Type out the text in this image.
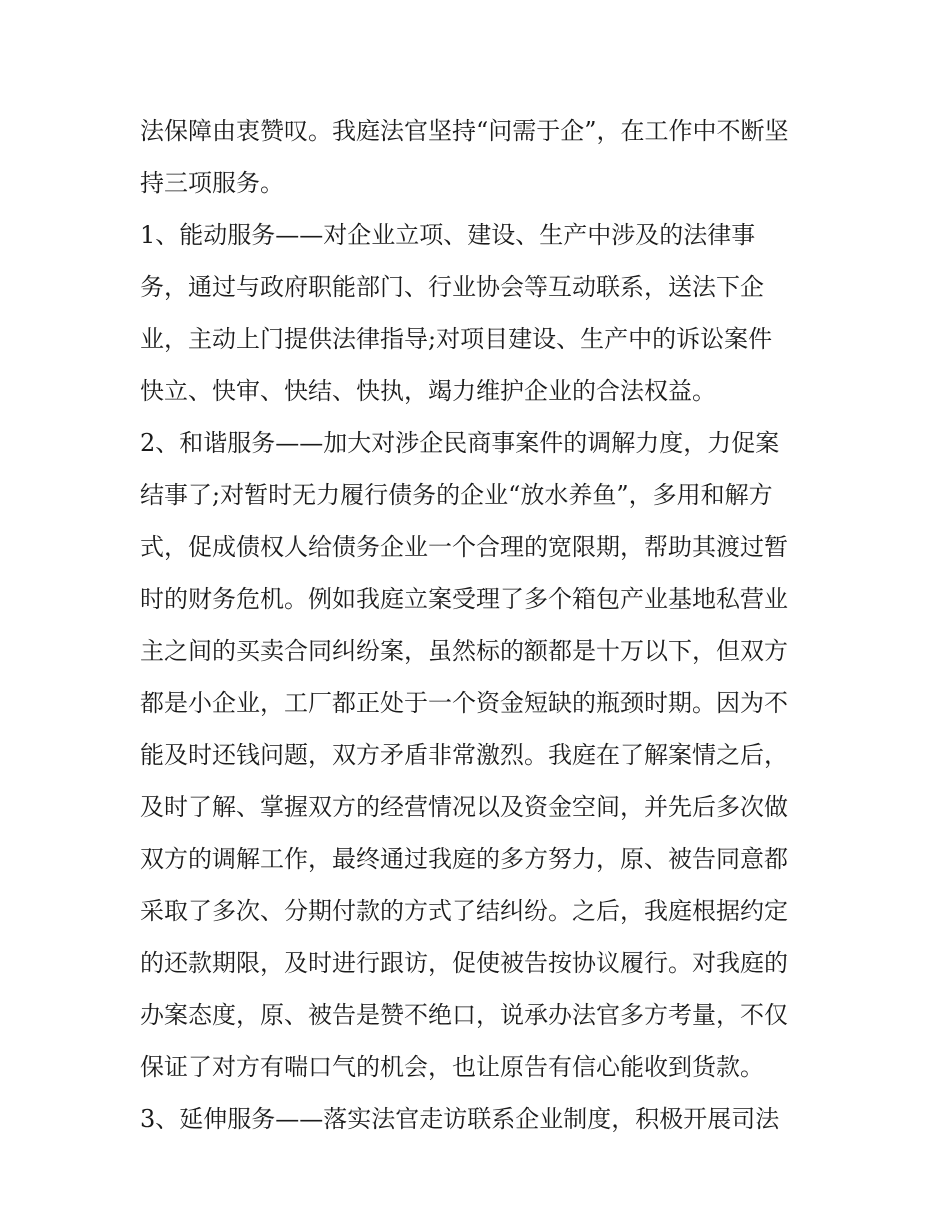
法保障由衷赞叹。我庭法官坚持“问需于企”，在工作中不断坚
持三项服务。
1、能动服务——对企业立项、建设、生产中涉及的法律事
务，通过与政府职能部门、行业协会等互动联系，送法下企
业，主动上门提供法律指导;对项目建设、生产中的诉讼案件
快立、快审、快结、快执，竭力维护企业的合法权益。
2、和谐服务——加大对涉企民商事案件的调解力度，力促案
结事了;对暂时无力履行债务的企业“放水养鱼”，多用和解方
式，促成债权人给债务企业一个合理的宽限期，帮助其渡过暂
时的财务危机。例如我庭立案受理了多个箱包产业基地私营业
主之间的买卖合同纠纷案，虽然标的额都是十万以下，但双方
都是小企业，工厂都正处于一个资金短缺的瓶颈时期。因为不
能及时还钱问题，双方矛盾非常激烈。我庭在了解案情之后，
及时了解、掌握双方的经营情况以及资金空间，并先后多次做
双方的调解工作，最终通过我庭的多方努力，原、被告同意都
采取了多次、分期付款的方式了结纠纷。之后，我庭根据约定
的还款期限，及时进行跟访，促使被告按协议履行。对我庭的
办案态度，原、被告是赞不绝口，说承办法官多方考量，不仅
保证了对方有喘口气的机会，也让原告有信心能收到货款。
3、延伸服务——落实法官走访联系企业制度，积极开展司法
